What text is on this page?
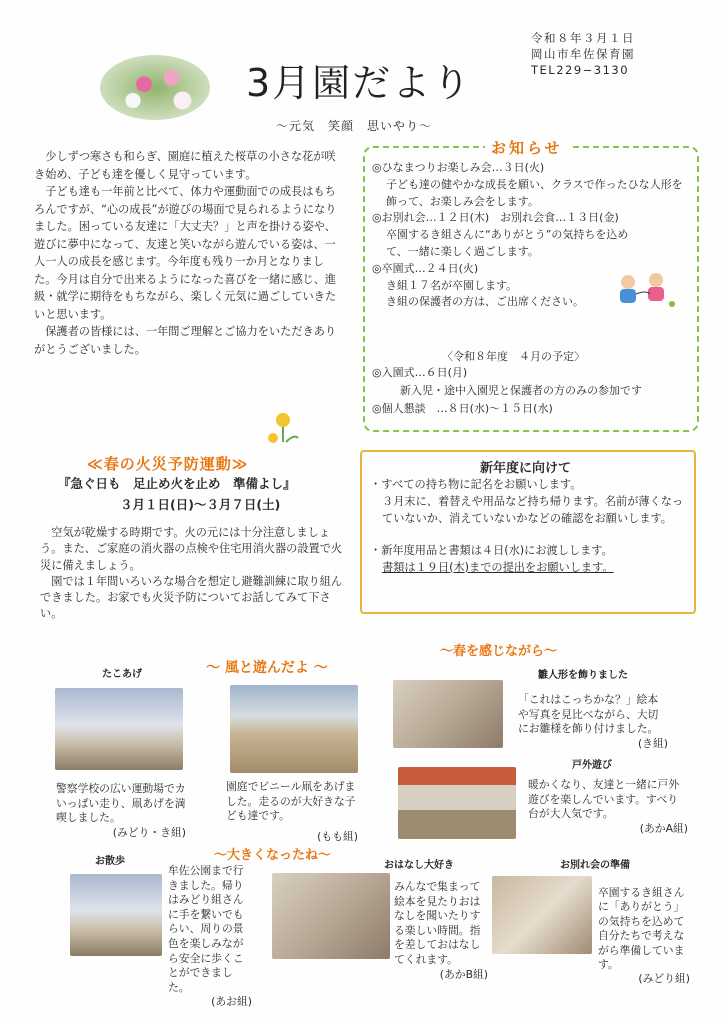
3月園だより
令和８年３月１日
岡山市牟佐保育園
TEL229−3130
〜元気　笑顔　思いやり〜

少しずつ寒さも和らぎ、園庭に植えた桜草の小さな花が咲き始め、子ども達を優しく見守っています。

子ども達も一年前と比べて、体力や運動面での成長はもちろんですが、“心の成長”が遊びの場面で見られるようになりました。困っている友達に「大丈夫？」と声を掛ける姿や、遊びに夢中になって、友達と笑いながら遊んでいる姿は、一人一人の成長を感じます。今年度も残り一か月となりました。今月は自分で出来るようになった喜びを一緒に感じ、進級・就学に期待をもちながら、楽しく元気に過ごしていきたいと思います。

保護者の皆様には、一年間ご理解とご協力をいただきありがとうございました。

≪春の火災予防運動≫
『急ぐ日も　足止め火を止め　準備よし』
３月１日(日)〜３月７日(土)

空気が乾燥する時期です。火の元には十分注意しましょう。また、ご家庭の消火器の点検や住宅用消火器の設置で火災に備えましょう。

園では１年間いろいろな場合を想定し避難訓練に取り組んできました。お家でも火災予防についてお話してみて下さい。

お知らせ
◎ひなまつりお楽しみ会…３日(火)
子ども達の健やかな成長を願い、クラスで作ったひな人形を飾って、お楽しみ会をします。
◎お別れ会…１２日(木)　お別れ会食…１３日(金)
卒園するき組さんに“ありがとう”の気持ちを込めて、一緒に楽しく過ごします。
◎卒園式…２４日(火)
き組１７名が卒園します。
き組の保護者の方は、ご出席ください。
〈令和８年度　４月の予定〉
◎入園式…６日(月)
新入児・途中入園児と保護者の方のみの参加です
◎個人懇談　…８日(水)〜１５日(水)
新年度に向けて
・すべての持ち物に記名をお願いします。
３月末に、着替えや用品など持ち帰ります。名前が薄くなっていないか、消えていないかなどの確認をお願いします。
・新年度用品と書類は４日(水)にお渡しします。
書類は１９日(木)までの提出をお願いします。
〜 風と遊んだよ 〜
〜春を感じながら〜
〜大きくなったね〜
たこあげ
警察学校の広い運動場でカいっぱい走り、凧あげを満喫しました。
(みどり・き組)
園庭でビニール凧をあげました。走るのが大好きな子ども達です。
(もも組)
雛人形を飾りました
「これはこっちかな？」絵本や写真を見比べながら、大切にお雛様を飾り付けました。
(き組)
戸外遊び
暖かくなり、友達と一緒に戸外遊びを楽しんでいます。すべり台が大人気です。
(あかA組)
お散歩
牟佐公園まで行きました。帰りはみどり組さんに手を繋いでもらい、周りの景色を楽しみながら安全に歩くことができました。
(あお組)
おはなし大好き
みんなで集まって絵本を見たりおはなしを聞いたりする楽しい時間。指を差しておはなしてくれます。
(あかB組)
お別れ会の準備
卒園するき組さんに「ありがとう」の気持ちを込めて自分たちで考えながら準備しています。
(みどり組)
